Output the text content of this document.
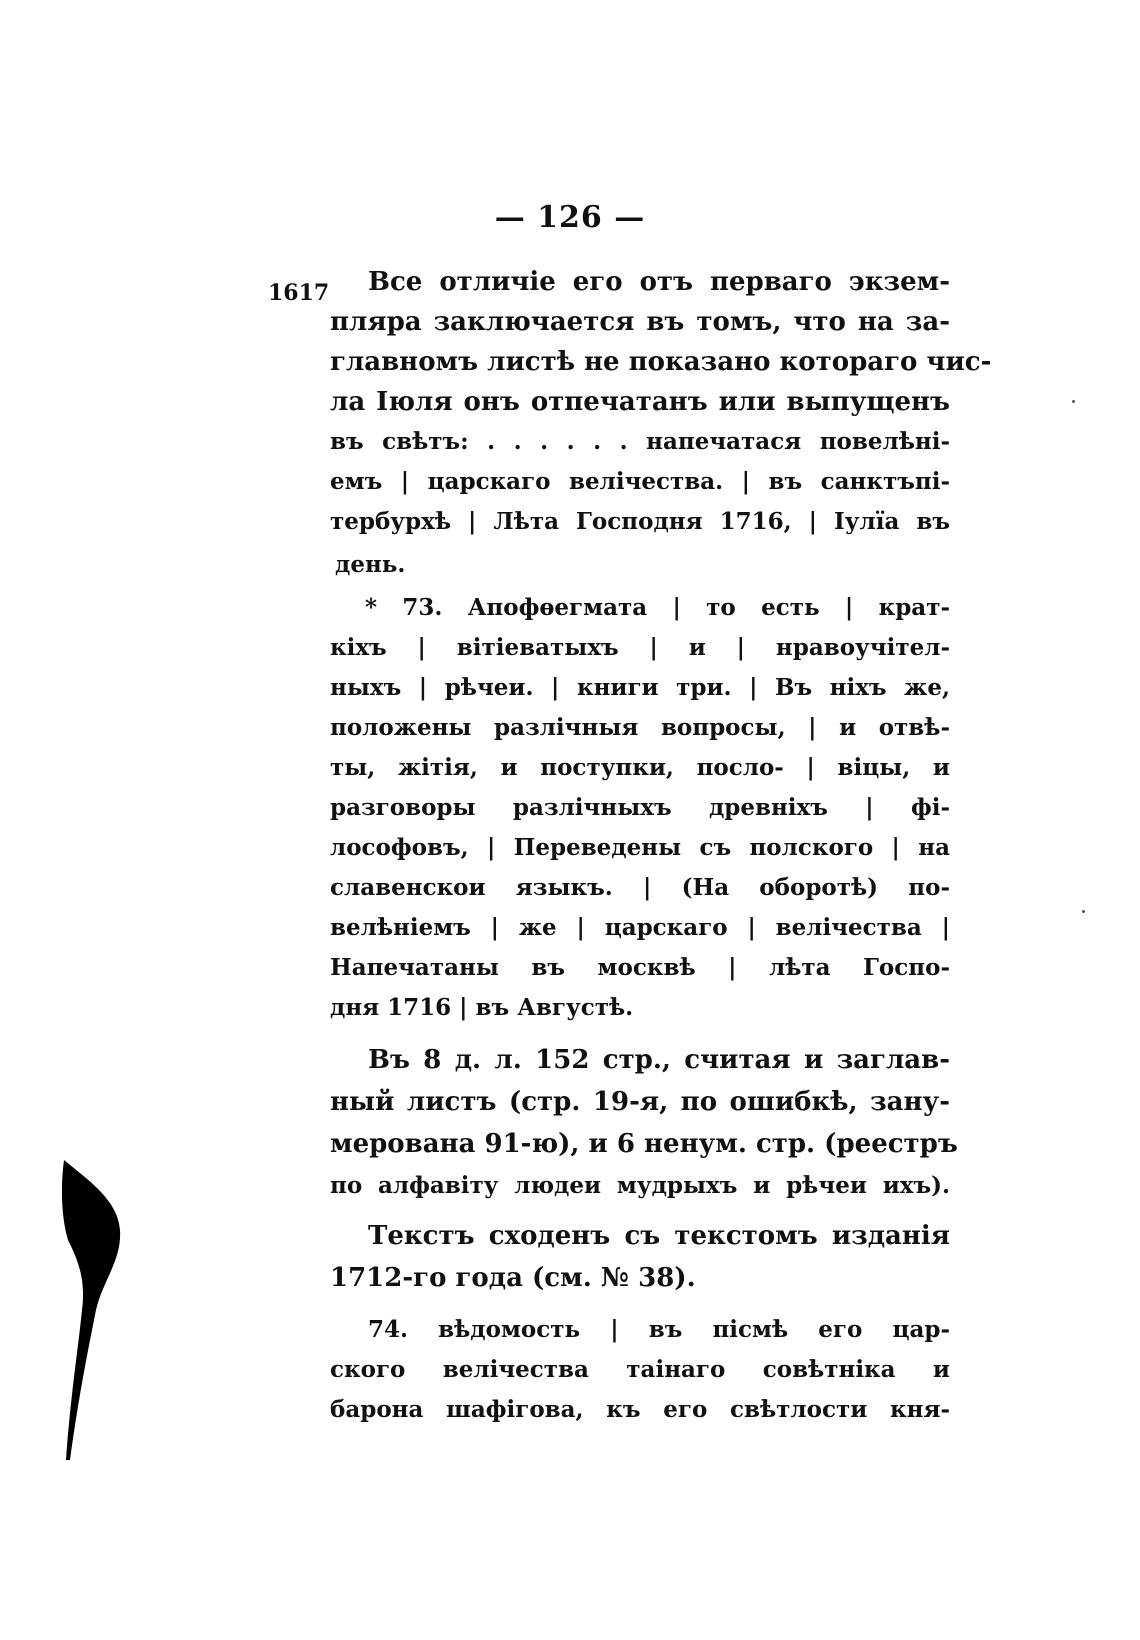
— 126 —
1617 Все отличіе его отъ перваго экзем-
пляра заключается въ томъ, что на за-
главномъ листѣ не показано котораго чис-
ла Іюля онъ отпечатанъ или выпущенъ
въ свѣтъ: . . . . . . напечатася повелѣні-
емъ | царскаго велічества. | въ санктъпі-
тербурхѣ | Лѣта Господня 1716, | Іулїа въ
день.
* 73. Апофѳегмата | то есть | крат-
кіхъ | вітіеватыхъ | и | нравоучітел-
ныхъ | рѣчеи. | книги три. | Въ ніхъ же,
положены разлічныя вопросы, | и отвѣ-
ты, жітія, и поступки, посло- | віцы, и
разговоры разлічныхъ древніхъ | фі-
лософовъ, | Переведены съ полского | на
славенскои языкъ. | (На оборотѣ) по-
велѣніемъ | же | царскаго | велічества |
Напечатаны въ москвѣ | лѣта Госпо-
дня 1716 | въ Августѣ.
Въ 8 д. л. 152 стр., считая и заглав-
ный листъ (стр. 19-я, по ошибкѣ, зану-
мерована 91-ю), и 6 ненум. стр. (реестръ
по алфавіту людеи мудрыхъ и рѣчеи ихъ).
Текстъ сходенъ съ текстомъ изданія
1712-го года (см. № 38).
74. вѣдомость | въ пісмѣ его цар-
ского велічества таінаго совѣтніка и
барона шафігова, къ его свѣтлости кня-
